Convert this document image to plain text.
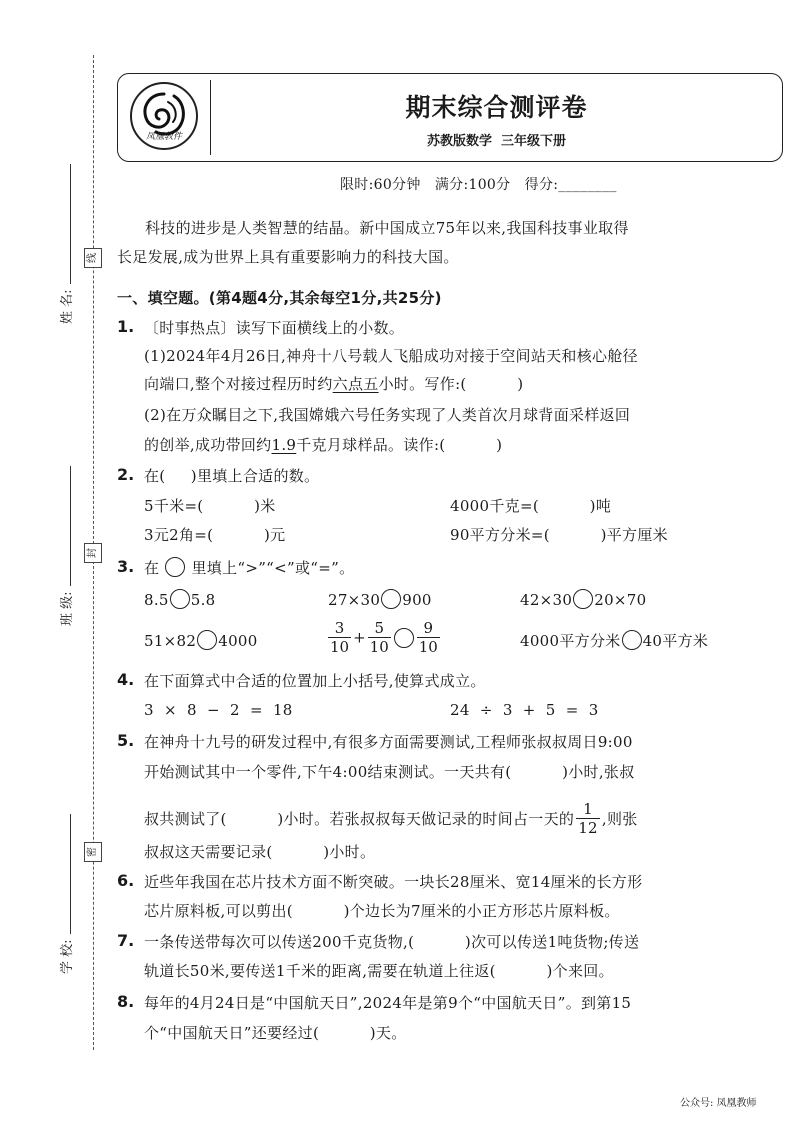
线
封
密
姓 名:
班 级:
学 校:
凤凰教件
期末综合测评卷
苏教版数学  三年级下册
限时:60分钟   满分:100分   得分:________
科技的进步是人类智慧的结晶。新中国成立75年以来,我国科技事业取得
长足发展,成为世界上具有重要影响力的科技大国。
一、填空题。(第4题4分,其余每空1分,共25分)
1. 〔时事热点〕读写下面横线上的小数。
(1)2024年4月26日,神舟十八号载人飞船成功对接于空间站天和核心舱径
向端口,整个对接过程历时约六点五小时。写作:(          )
(2)在万众瞩目之下,我国嫦娥六号任务实现了人类首次月球背面采样返回
的创举,成功带回约1.9千克月球样品。读作:(          )
2. 在(     )里填上合适的数。
5千米=(          )米	4000千克=(          )吨
3元2角=(          )元	90平方分米=(          )平方厘米
3. 在 里填上“>”“<”或“=”。
8.5 5.8	27×30 900	42×30 20×70
51×82 4000	$\frac{3}{10} + \frac{5}{10} \frac{9}{10}$	4000平方分米 40平方米
4. 在下面算式中合适的位置加上小括号,使算式成立。
3  ×  8  −  2  =  18	24  ÷  3  +  5  =  3
5. 在神舟十九号的研发过程中,有很多方面需要测试,工程师张叔叔周日9:00
开始测试其中一个零件,下午4:00结束测试。一天共有(          )小时,张叔
叔共测试了(          )小时。若张叔叔每天做记录的时间占一天的 $\frac{1}{12}$ ,则张
叔叔这天需要记录(          )小时。
6. 近些年我国在芯片技术方面不断突破。一块长28厘米、宽14厘米的长方形
芯片原料板,可以剪出(          )个边长为7厘米的小正方形芯片原料板。
7. 一条传送带每次可以传送200千克货物,(          )次可以传送1吨货物;传送
轨道长50米,要传送1千米的距离,需要在轨道上往返(          )个来回。
8. 每年的4月24日是“中国航天日”,2024年是第9个“中国航天日”。到第15
个“中国航天日”还要经过(          )天。
公众号: 凤凰教师
